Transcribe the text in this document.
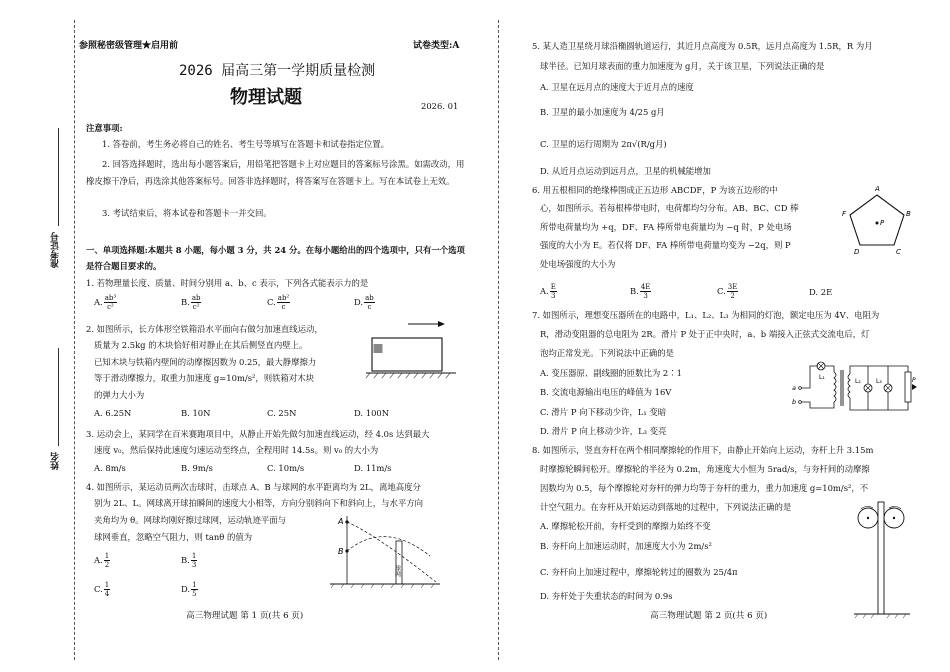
参照秘密级管理★启用前	试卷类型:A
2026 届高三第一学期质量检测
物理试题	2026. 01
准考证号
姓名
注意事项:
1. 答卷前，考生务必将自己的姓名、考生号等填写在答题卡和试卷指定位置。
2. 回答选择题时，选出每小题答案后，用铅笔把答题卡上对应题目的答案标号涂黑。如需改动，用橡皮擦干净后，再选涂其他答案标号。回答非选择题时，将答案写在答题卡上。写在本试卷上无效。
3. 考试结束后，将本试卷和答题卡一并交回。
一、单项选择题:本题共 8 小题，每小题 3 分，共 24 分。在每小题给出的四个选项中，只有一个选项是符合题目要求的。
1. 若物理量长度、质量、时间分别用 a、b、c 表示，下列各式能表示力的是
A. $\frac{\text{ab³}}{\text{c²}}$	B. $\frac{ab}{\text{c²}}$	C. $\frac{\text{ab²}}{c}$	D. $\frac{ab}{c}$
2. 如图所示，长方体形空铁箱沿水平面向右做匀加速直线运动，
质量为 2.5kg 的木块恰好相对静止在其后侧竖直内壁上。
已知木块与铁箱内壁间的动摩擦因数为 0.25，最大静摩擦力
等于滑动摩擦力，取重力加速度 g=10m/s²，则铁箱对木块
的弹力大小为
A. 6.25N	B. 10N	C. 25N	D. 100N
3. 运动会上，某同学在百米赛跑项目中，从静止开始先做匀加速直线运动，经 4.0s 达到最大
速度 v₀，然后保持此速度匀速运动至终点，全程用时 14.5s。则 v₀ 的大小为
A. 8m/s	B. 9m/s	C. 10m/s	D. 11m/s
4. 如图所示，某运动员两次击球时，击球点 A、B 与球网的水平距离均为 2L，离地高度分
别为 2L、L。网球离开球拍瞬间的速度大小相等，方向分别斜向下和斜向上，与水平方向
夹角均为 θ。网球均刚好擦过球网，运动轨迹平面与
球网垂直，忽略空气阻力，则 tanθ 的值为
A. $\frac{1}{2}$	B. $\frac{1}{3}$
C. $\frac{1}{4}$	D. $\frac{1}{5}$
A
B
球网
高三物理试题 第 1 页(共 6 页)
5. 某人造卫星绕月球沿椭圆轨道运行，其近月点高度为 0.5R，远月点高度为 1.5R，R 为月
球半径。已知月球表面的重力加速度为 g月，关于该卫星，下列说法正确的是
A. 卫星在远月点的速度大于近月点的速度
B. 卫星的最小加速度为 4/25 g月
C. 卫星的运行周期为 2π√(R/g月)
D. 从近月点运动到远月点，卫星的机械能增加
6. 用五根相同的绝缘棒围成正五边形 ABCDF，P 为该五边形的中
心，如图所示。若每根棒带电时，电荷都均匀分布。AB、BC、CD 棒
所带电荷量均为 +q，DF、FA 棒所带电荷量均为 −q 时，P 处电场
强度的大小为 E。若仅将 DF、FA 棒所带电荷量均变为 −2q，则 P
处电场强度的大小为
A. $\frac{E}{3}$	B. $\frac{4E}{3}$	C. $\frac{3E}{2}$	D. 2E
A
B
C
D
F
P
7. 如图所示，理想变压器所在的电路中，L₁、L₂、L₃ 为相同的灯泡，额定电压为 4V、电阻为
R，滑动变阻器的总电阻为 2R。滑片 P 处于正中央时，a、b 端接入正弦式交流电后，灯
泡均正常发光。下列说法中正确的是
A. 变压器原、副线圈的匝数比为 2∶1
B. 交流电源输出电压的峰值为 16V
C. 滑片 P 向下移动少许，L₁ 变暗
D. 滑片 P 向上移动少许，L₃ 变亮
a
b
L₁
L₂	L₃	P
8. 如图所示，竖直夯杆在两个相同摩擦轮的作用下，由静止开始向上运动，夯杆上升 3.15m
时摩擦轮瞬间松开。摩擦轮的半径为 0.2m，角速度大小恒为 5rad/s，与夯杆间的动摩擦
因数均为 0.5，每个摩擦轮对夯杆的弹力均等于夯杆的重力，重力加速度 g=10m/s²，不
计空气阻力。在夯杆从开始运动到落地的过程中，下列说法正确的是
A. 摩擦轮松开前，夯杆受到的摩擦力始终不变
B. 夯杆向上加速运动时，加速度大小为 2m/s²
C. 夯杆向上加速过程中，摩擦轮转过的圈数为 25/4π
D. 夯杆处于失重状态的时间为 0.9s
高三物理试题 第 2 页(共 6 页)
